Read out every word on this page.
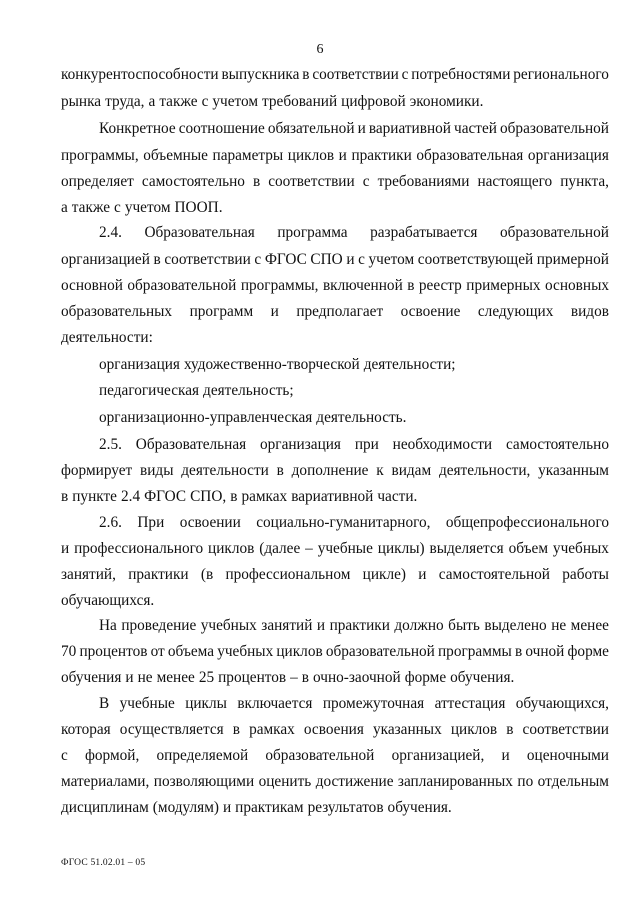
6
конкурентоспособности выпускника в соответствии с потребностями регионального
рынка труда, а также с учетом требований цифровой экономики.
Конкретное соотношение обязательной и вариативной частей образовательной
программы, объемные параметры циклов и практики образовательная организация
определяет самостоятельно в соответствии с требованиями настоящего пункта,
а также с учетом ПООП.
2.4. Образовательная программа разрабатывается образовательной
организацией в соответствии с ФГОС СПО и с учетом соответствующей примерной
основной образовательной программы, включенной в реестр примерных основных
образовательных программ и предполагает освоение следующих видов
деятельности:
организация художественно-творческой деятельности;
педагогическая деятельность;
организационно-управленческая деятельность.
2.5. Образовательная организация при необходимости самостоятельно
формирует виды деятельности в дополнение к видам деятельности, указанным
в пункте 2.4 ФГОС СПО, в рамках вариативной части.
2.6. При освоении социально-гуманитарного, общепрофессионального
и профессионального циклов (далее – учебные циклы) выделяется объем учебных
занятий, практики (в профессиональном цикле) и самостоятельной работы
обучающихся.
На проведение учебных занятий и практики должно быть выделено не менее
70 процентов от объема учебных циклов образовательной программы в очной форме
обучения и не менее 25 процентов – в очно-заочной форме обучения.
В учебные циклы включается промежуточная аттестация обучающихся,
которая осуществляется в рамках освоения указанных циклов в соответствии
с формой, определяемой образовательной организацией, и оценочными
материалами, позволяющими оценить достижение запланированных по отдельным
дисциплинам (модулям) и практикам результатов обучения.
ФГОС 51.02.01 – 05
